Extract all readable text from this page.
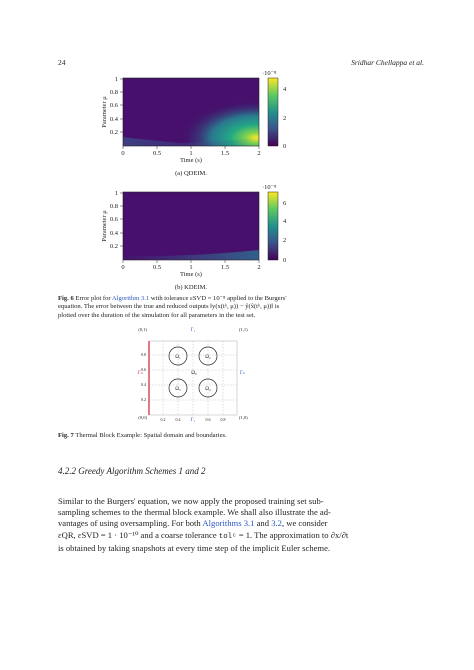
24	Sridhar Chellappa et al.
Parameter μ
Time (s)
0	0.5	1	1.5	2
1
0.8
0.6
0.4
0.2
·10⁻⁸
4
2
0
(a) QDEIM.
Parameter μ
Time (s)
0	0.5	1	1.5	2
1
0.8
0.6
0.4
0.2
·10⁻⁸
6
4
2
0
(b) KDEIM.
Fig. 6 Error plot for Algorithm 3.1 with tolerance εSVD = 10⁻⁸ applied to the Burgers'
equation. The error between the true and reduced outputs ‖y(x(tᵏ, μ)) − ŷ(x̂(tᵏ, μ))‖ is
plotted over the duration of the simulation for all parameters in the test set.
Ω₁	Ω₂
Ω₃	Ω₄
Ω₀
(0,1)	(1,1)
(0,0)	(1,0)
Γ₁
Γₙ	Γₙ
Γ₁
0.8
0.6
0.4
0.2
0.2	0.4	0.6	0.8
Fig. 7 Thermal Block Example: Spatial domain and boundaries.
4.2.2 Greedy Algorithm Schemes 1 and 2
Similar to the Burgers' equation, we now apply the proposed training set sub-
sampling schemes to the thermal block example. We shall also illustrate the ad-
vantages of using oversampling. For both Algorithms 3.1 and 3.2, we consider
εQR, εSVD = 1 · 10⁻¹⁰ and a coarse tolerance tolᶜ = 1. The approximation to ∂x/∂t
is obtained by taking snapshots at every time step of the implicit Euler scheme.
